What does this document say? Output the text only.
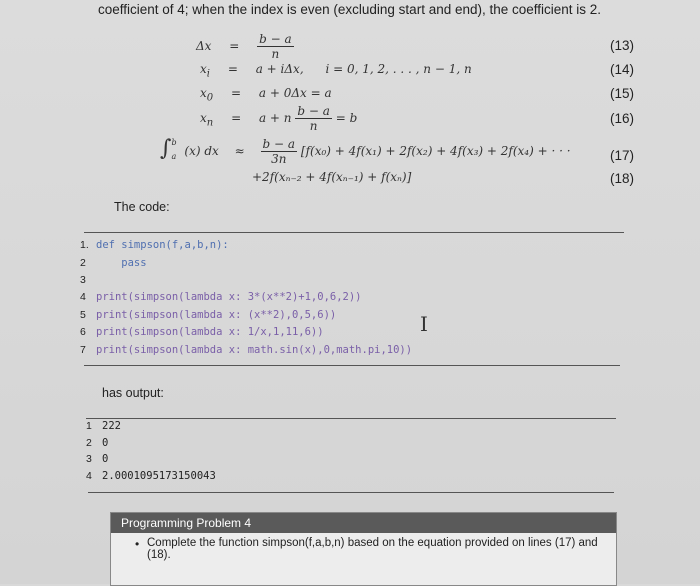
coefficient of 4; when the index is even (excluding start and end), the coefficient is 2.
$\Delta x = \frac{b - a}{n}$	(13)
$x_i = a + i\Delta x$, i = 0, 1, 2, . . . , n − 1, n	(14)
$x_0 = a + 0\Delta x = a$	(15)
$x_n = a + n \frac{b - a}{n} = b$	(16)
∫ b
a (x) dx ≈ $\frac{b - a}{3n} [f(x_0) + 4f(x_1) + 2f(x_2) + 4f(x_3) + 2f(x_4)$ + · · ·	(17)
+2f(xₙ₋₂ + 4f(xₙ₋₁) + f(xₙ)]	(18)
The code:
1. def simpson(f,a,b,n):
2    pass
3
4 print(simpson(lambda x: 3*(x**2)+1,0,6,2))
5 print(simpson(lambda x: (x**2),0,5,6))
6 print(simpson(lambda x: 1/x,1,11,6))
7 print(simpson(lambda x: math.sin(x),0,math.pi,10))
I
has output:
1 222
2 0
3 0
4 2.0001095173150043
Programming Problem 4
• Complete the function simpson(f,a,b,n) based on the equation provided on lines (17) and (18).
